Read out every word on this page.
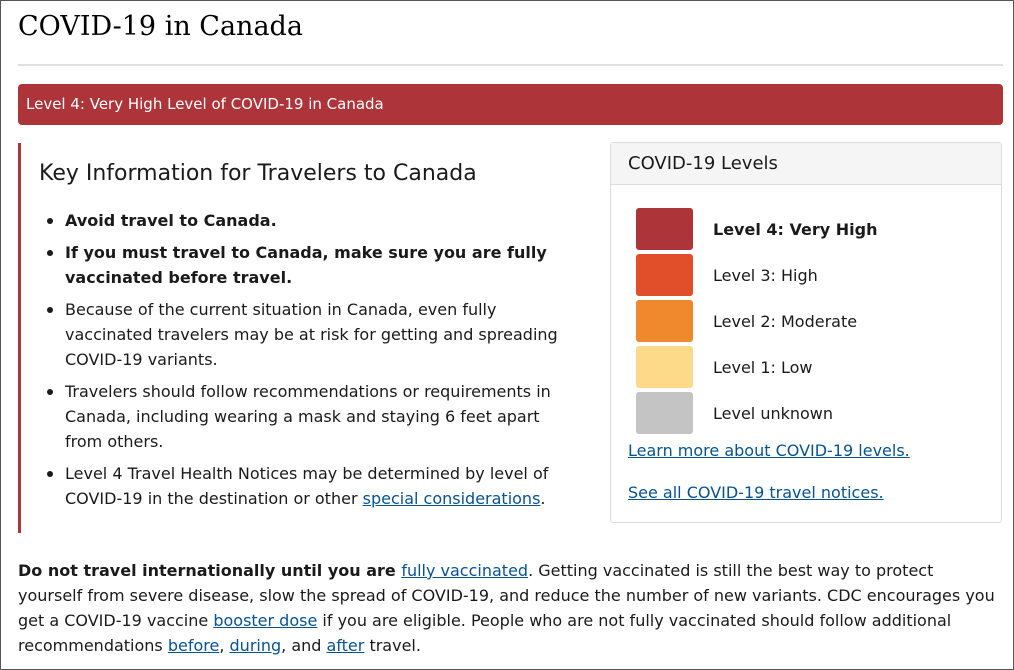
COVID-19 in Canada
Level 4: Very High Level of COVID-19 in Canada
Key Information for Travelers to Canada
Avoid travel to Canada.
If you must travel to Canada, make sure you are fully vaccinated before travel.
Because of the current situation in Canada, even fully vaccinated travelers may be at risk for getting and spreading COVID-19 variants.
Travelers should follow recommendations or requirements in Canada, including wearing a mask and staying 6 feet apart from others.
Level 4 Travel Health Notices may be determined by level of COVID-19 in the destination or other special considerations.
COVID-19 Levels
Level 4: Very High
Level 3: High
Level 2: Moderate
Level 1: Low
Level unknown
Learn more about COVID-19 levels.
See all COVID-19 travel notices.

Do not travel internationally until you are fully vaccinated. Getting vaccinated is still the best way to protect yourself from severe disease, slow the spread of COVID-19, and reduce the number of new variants. CDC encourages you get a COVID-19 vaccine booster dose if you are eligible. People who are not fully vaccinated should follow additional recommendations before, during, and after travel.
